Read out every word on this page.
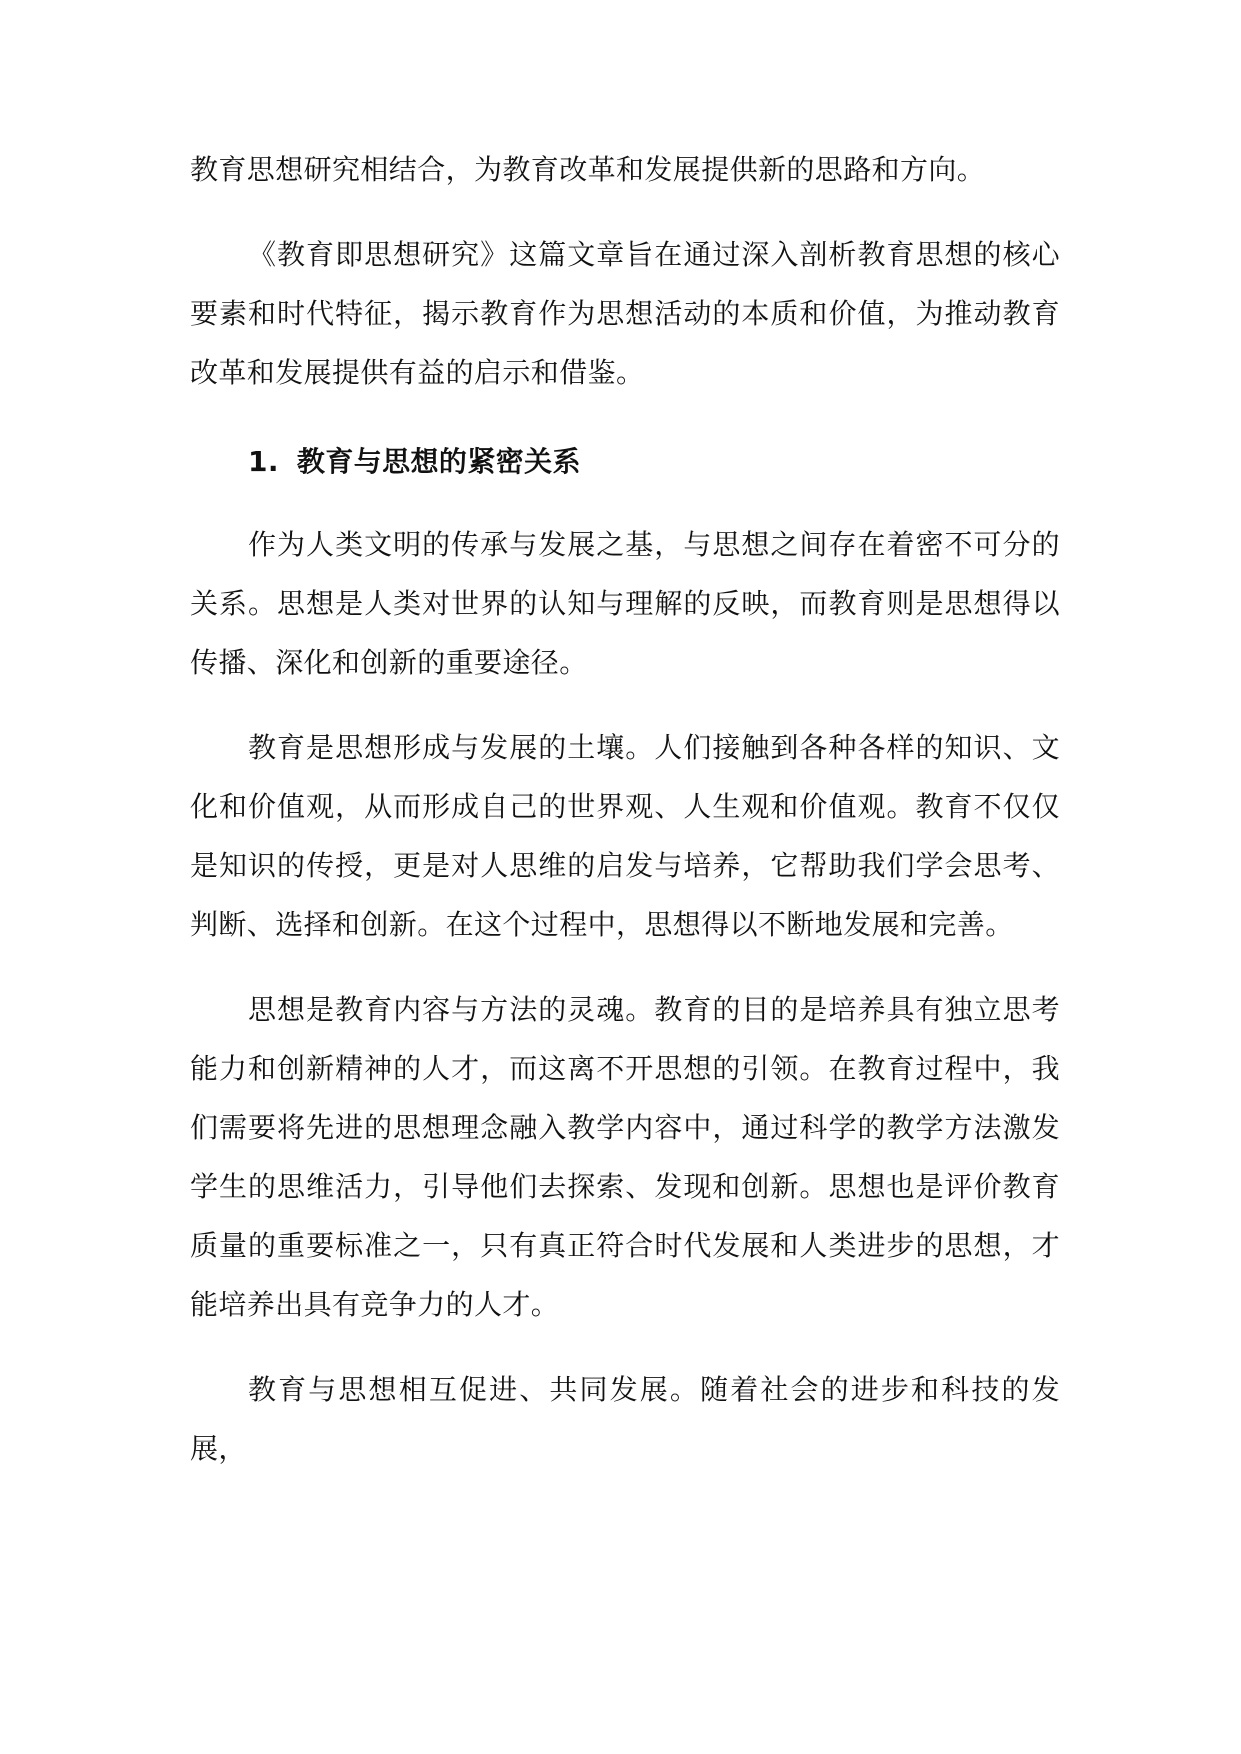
教育思想研究相结合，为教育改革和发展提供新的思路和方向。

《教育即思想研究》这篇文章旨在通过深入剖析教育思想的核心要素和时代特征，揭示教育作为思想活动的本质和价值，为推动教育改革和发展提供有益的启示和借鉴。

1. 教育与思想的紧密关系

作为人类文明的传承与发展之基，与思想之间存在着密不可分的关系。思想是人类对世界的认知与理解的反映，而教育则是思想得以传播、深化和创新的重要途径。

教育是思想形成与发展的土壤。人们接触到各种各样的知识、文化和价值观，从而形成自己的世界观、人生观和价值观。教育不仅仅是知识的传授，更是对人思维的启发与培养，它帮助我们学会思考、判断、选择和创新。在这个过程中，思想得以不断地发展和完善。

思想是教育内容与方法的灵魂。教育的目的是培养具有独立思考能力和创新精神的人才，而这离不开思想的引领。在教育过程中，我们需要将先进的思想理念融入教学内容中，通过科学的教学方法激发学生的思维活力，引导他们去探索、发现和创新。思想也是评价教育质量的重要标准之一，只有真正符合时代发展和人类进步的思想，才能培养出具有竞争力的人才。

教育与思想相互促进、共同发展。随着社会的进步和科技的发展，
